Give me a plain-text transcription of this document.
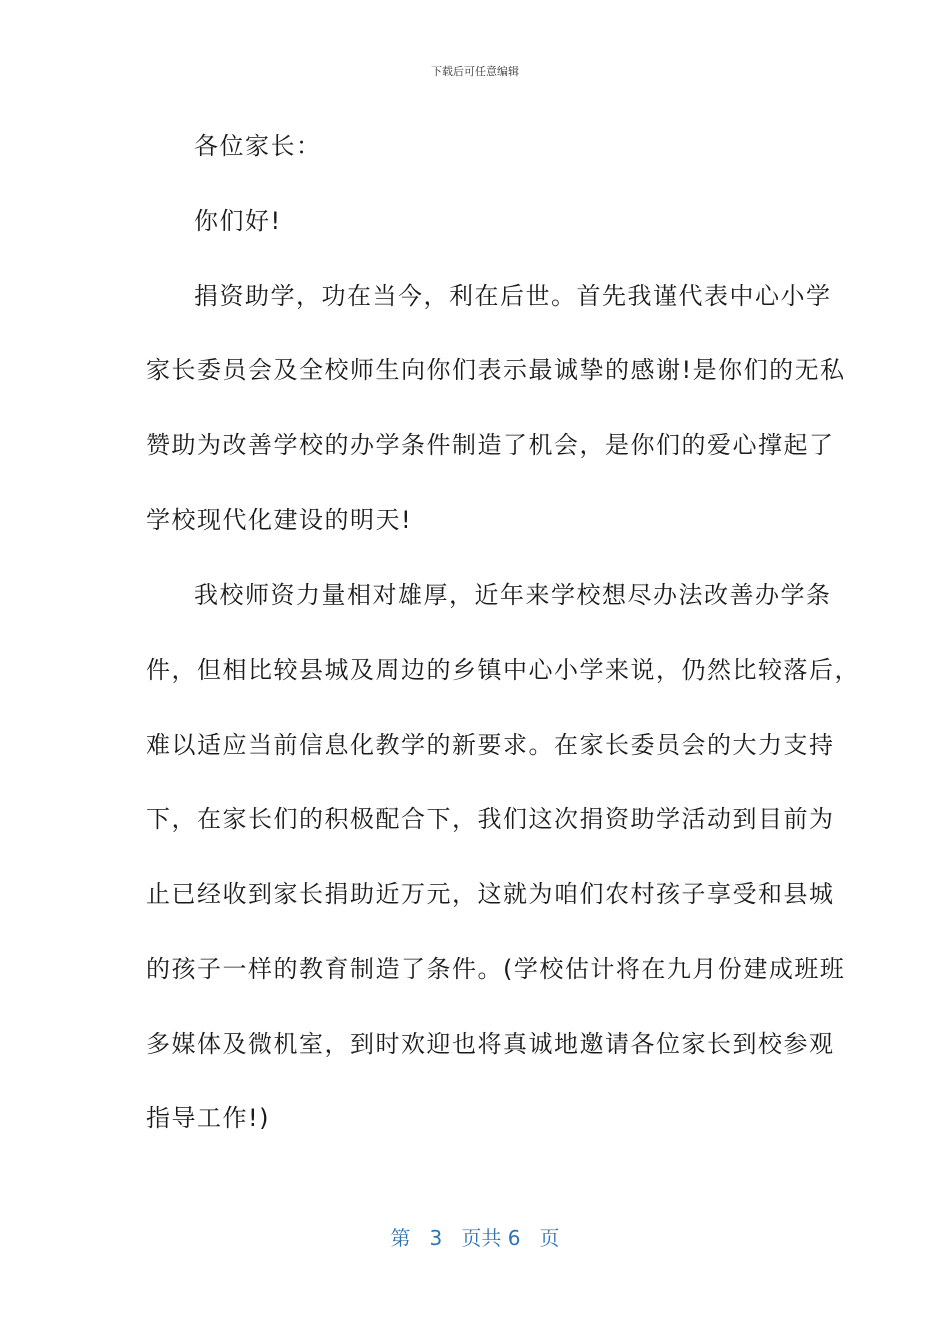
下载后可任意编辑
各位家长：
你们好!
捐资助学，功在当今，利在后世。首先我谨代表中心小学
家长委员会及全校师生向你们表示最诚挚的感谢!是你们的无私
赞助为改善学校的办学条件制造了机会，是你们的爱心撑起了
学校现代化建设的明天!
我校师资力量相对雄厚，近年来学校想尽办法改善办学条
件，但相比较县城及周边的乡镇中心小学来说，仍然比较落后，
难以适应当前信息化教学的新要求。在家长委员会的大力支持
下，在家长们的积极配合下，我们这次捐资助学活动到目前为
止已经收到家长捐助近万元，这就为咱们农村孩子享受和县城
的孩子一样的教育制造了条件。(学校估计将在九月份建成班班
多媒体及微机室，到时欢迎也将真诚地邀请各位家长到校参观
指导工作!)
第 3 页共 6 页
